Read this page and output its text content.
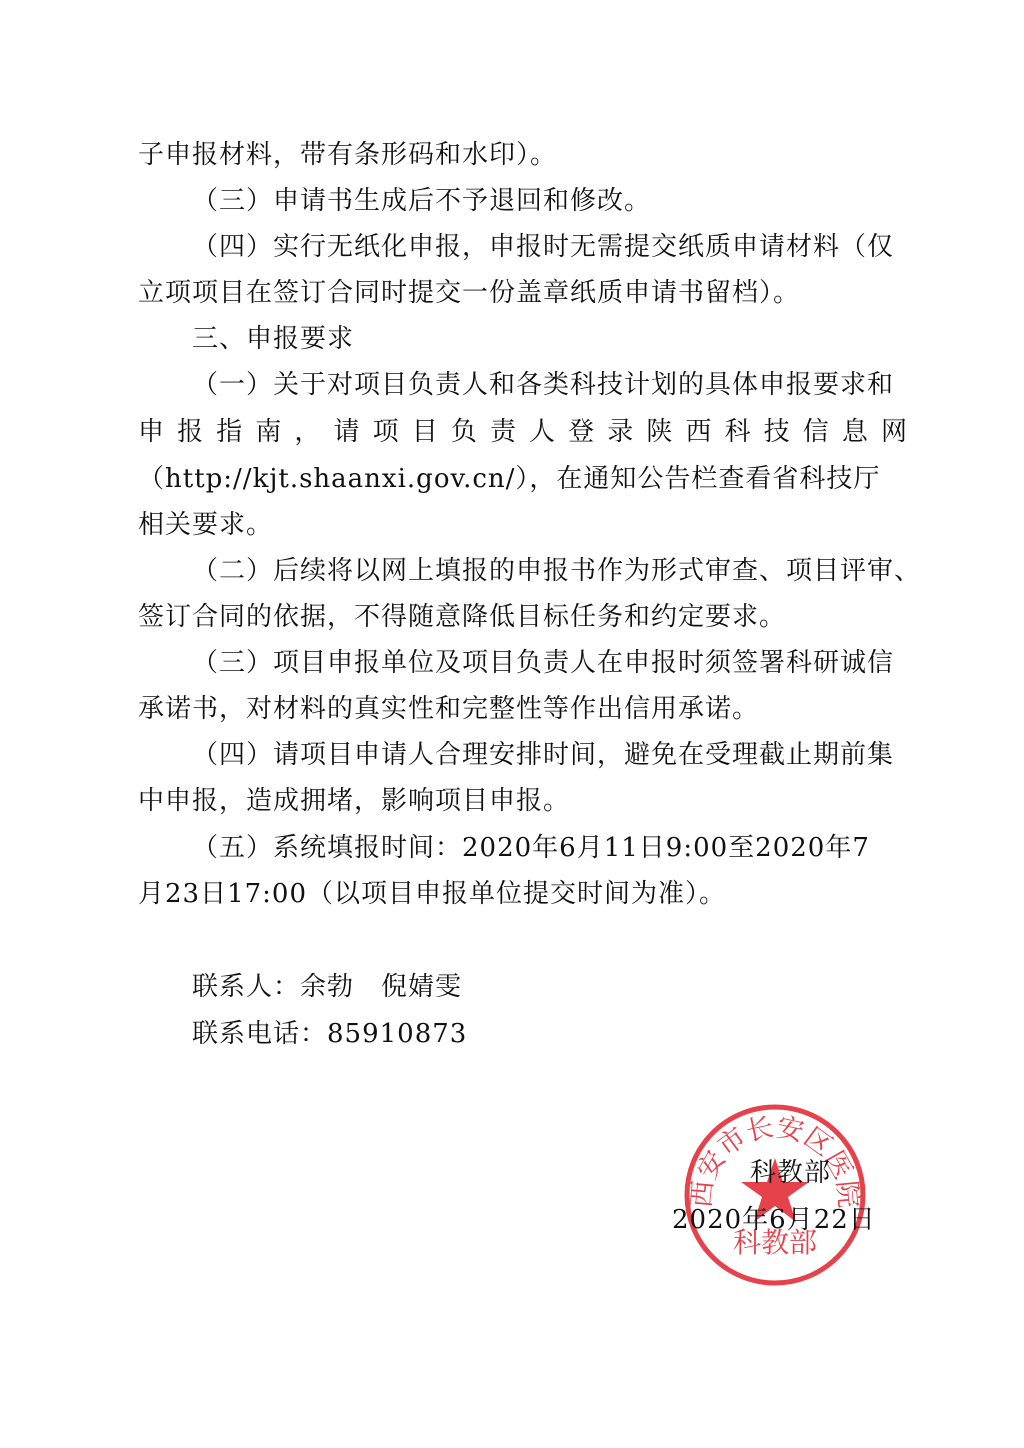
子申报材料，带有条形码和水印）。
（三）申请书生成后不予退回和修改。
（四）实行无纸化申报，申报时无需提交纸质申请材料（仅
立项项目在签订合同时提交一份盖章纸质申请书留档）。
三、申报要求
（一）关于对项目负责人和各类科技计划的具体申报要求和
申报指南，请项目负责人登录陕西科技信息网
（http://kjt.shaanxi.gov.cn/），在通知公告栏查看省科技厅
相关要求。
（二）后续将以网上填报的申报书作为形式审查、项目评审、
签订合同的依据，不得随意降低目标任务和约定要求。
（三）项目申报单位及项目负责人在申报时须签署科研诚信
承诺书，对材料的真实性和完整性等作出信用承诺。
（四）请项目申请人合理安排时间，避免在受理截止期前集
中申报，造成拥堵，影响项目申报。
（五）系统填报时间：2020年6月11日9:00至2020年7
月23日17:00（以项目申报单位提交时间为准）。
联系人：余勃　倪婧雯
联系电话：85910873
西安市长安区医院
科教部
科教部
2020年6月22日
